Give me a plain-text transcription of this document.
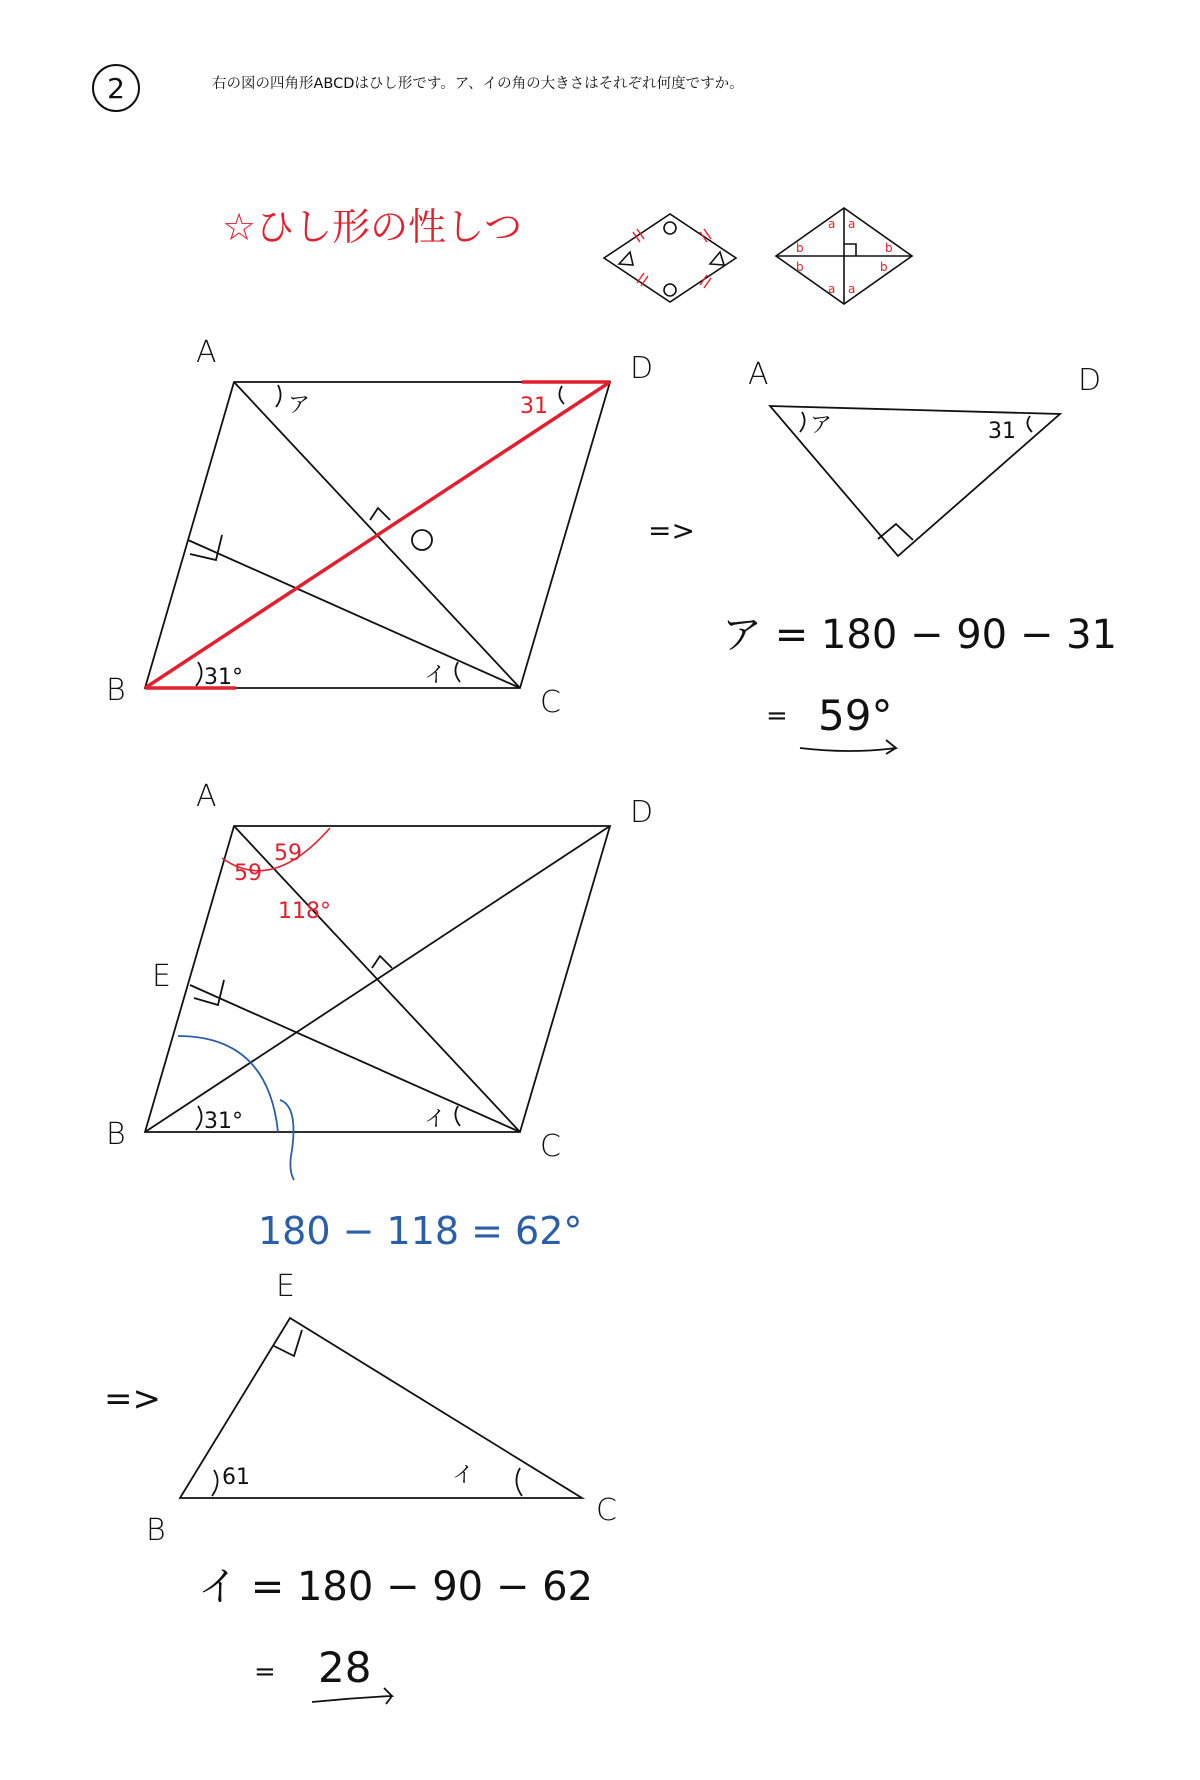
2	右の図の四角形ABCDはひし形です。ア、イの角の大きさはそれぞれ何度ですか。
☆ひし形の性しつ	a a
b
b
b
b
a a
A	D
B	C
ア
31°	イ
31
=>
A	D
ア	31
ア = 180 − 90 − 31
= 59°
A	D
E
B	C
59
59
118°
31°	イ
180 − 118 = 62°
=>
E
B
C
61	イ
イ = 180 − 90 − 62
= 28
